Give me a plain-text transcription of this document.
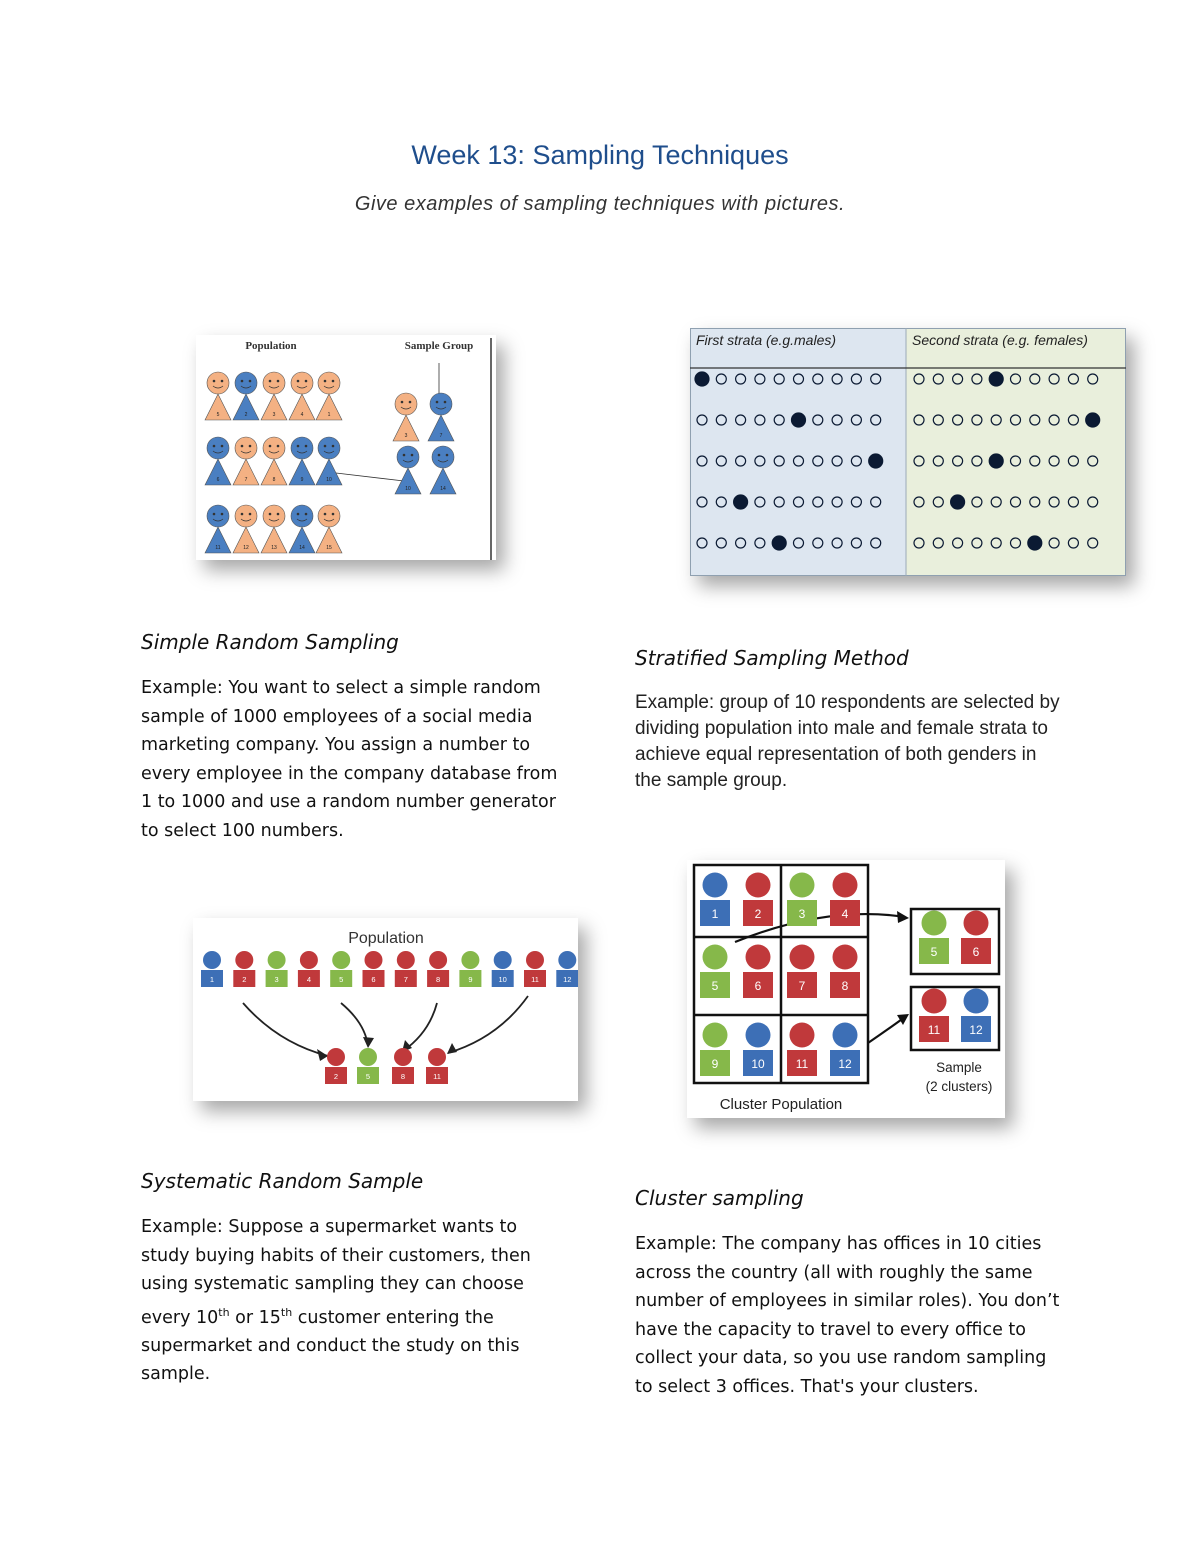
Week 13: Sampling Techniques
Give examples of sampling techniques with pictures.
Population	Sample Group
5	2	3	4	1
6	7	8	9	10
11	12	13	14	15
3	7
10	14
First strata (e.g.males)	Second strata (e.g. females)
Population
1	2	3	4	5	6	7	8	9	10	11	12
2	5	8	11
Cluster Population
Sample
(2 clusters)
1	2	3	4
5	6	7	8
9	10	11	12
5	6
11 12
Simple Random Sampling
Example: You want to select a simple random sample of 1000 employees of a social media marketing company. You assign a number to every employee in the company database from 1 to 1000 and use a random number generator to select 100 numbers.
Stratified Sampling Method
Example: group of 10 respondents are selected by dividing population into male and female strata to achieve equal representation of both genders in the sample group.
Systematic Random Sample
Example: Suppose a supermarket wants to study buying habits of their customers, then using systematic sampling they can choose every 10th or 15th customer entering the supermarket and conduct the study on this sample.
Cluster sampling
Example: The company has offices in 10 cities across the country (all with roughly the same number of employees in similar roles). You don’t have the capacity to travel to every office to collect your data, so you use random sampling to select 3 offices. That's your clusters.
